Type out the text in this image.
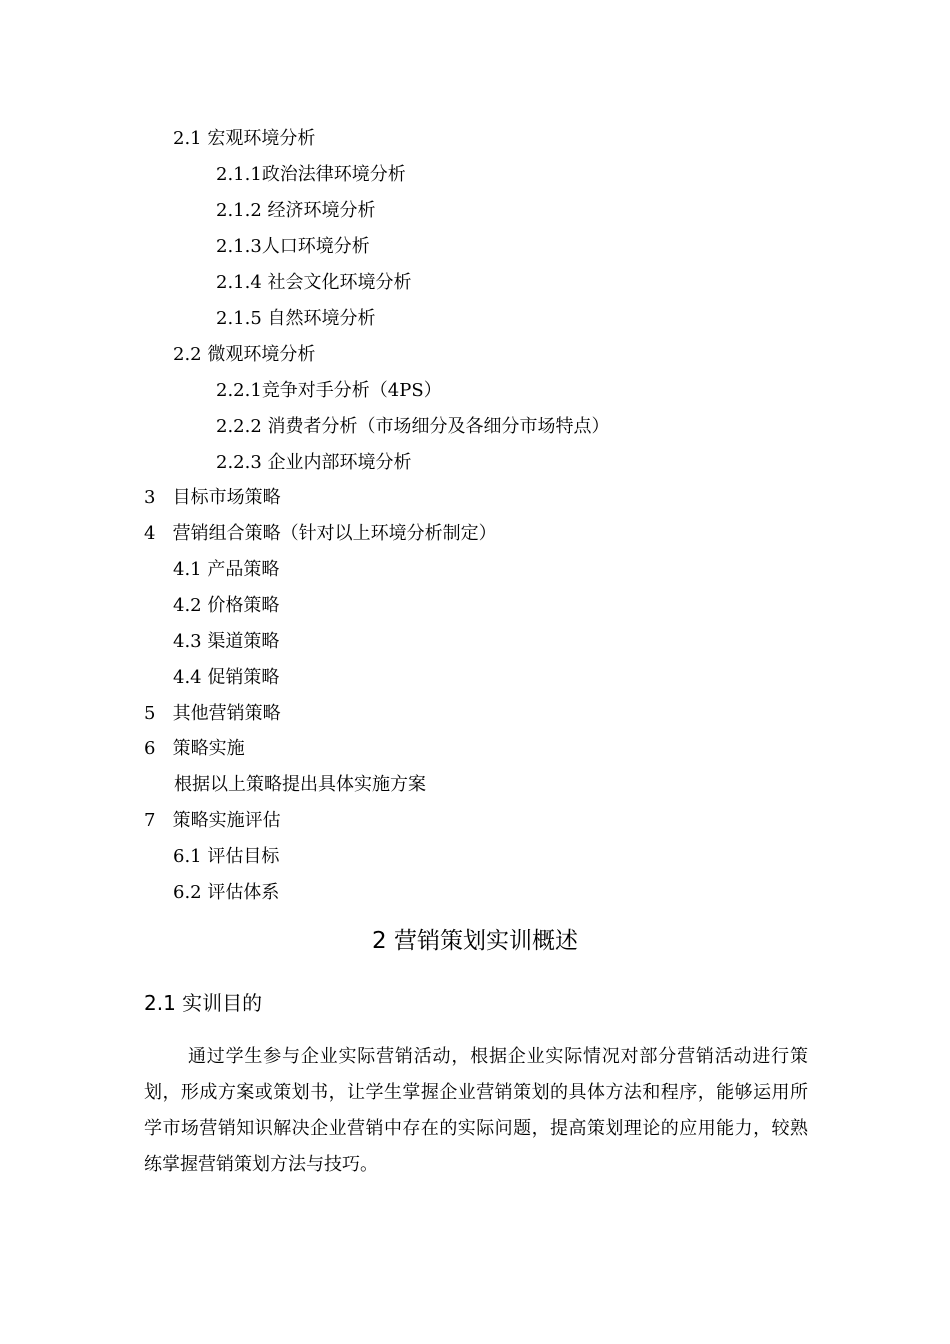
2.1 宏观环境分析
2.1.1政治法律环境分析
2.1.2 经济环境分析
2.1.3人口环境分析
2.1.4 社会文化环境分析
2.1.5 自然环境分析
2.2 微观环境分析
2.2.1竞争对手分析（4PS）
2.2.2 消费者分析（市场细分及各细分市场特点）
2.2.3 企业内部环境分析
3 目标市场策略
4 营销组合策略（针对以上环境分析制定）
4.1 产品策略
4.2 价格策略
4.3 渠道策略
4.4 促销策略
5 其他营销策略
6 策略实施
根据以上策略提出具体实施方案
7 策略实施评估
6.1 评估目标
6.2 评估体系
2 营销策划实训概述
2.1 实训目的
通过学生参与企业实际营销活动，根据企业实际情况对部分营销活动进行策划，形成方案或策划书，让学生掌握企业营销策划的具体方法和程序，能够运用所学市场营销知识解决企业营销中存在的实际问题，提高策划理论的应用能力，较熟练掌握营销策划方法与技巧。
